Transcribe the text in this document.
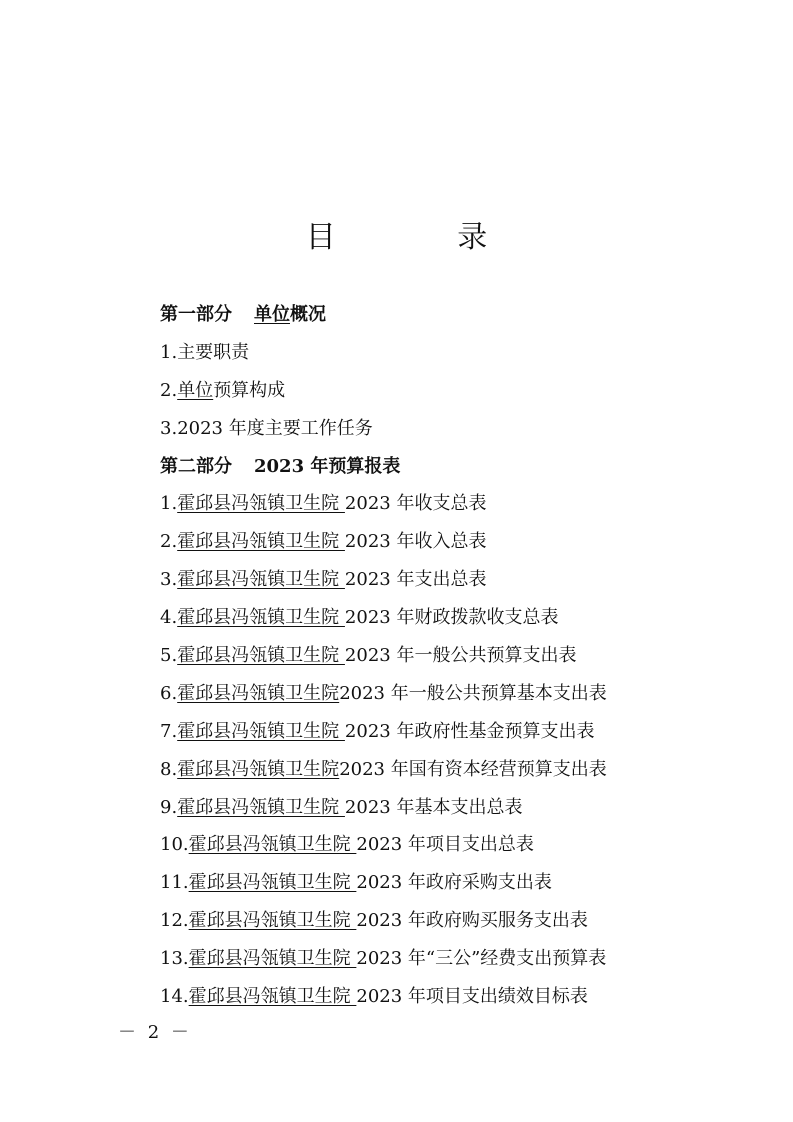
目 录
第一部分 单位概况
1.主要职责
2.单位预算构成
3.2023 年度主要工作任务
第二部分 2023 年预算报表
1.霍邱县冯瓴镇卫生院 2023 年收支总表
2.霍邱县冯瓴镇卫生院 2023 年收入总表
3.霍邱县冯瓴镇卫生院 2023 年支出总表
4.霍邱县冯瓴镇卫生院 2023 年财政拨款收支总表
5.霍邱县冯瓴镇卫生院 2023 年一般公共预算支出表
6.霍邱县冯瓴镇卫生院2023 年一般公共预算基本支出表
7.霍邱县冯瓴镇卫生院 2023 年政府性基金预算支出表
8.霍邱县冯瓴镇卫生院2023 年国有资本经营预算支出表
9.霍邱县冯瓴镇卫生院 2023 年基本支出总表
10.霍邱县冯瓴镇卫生院 2023 年项目支出总表
11.霍邱县冯瓴镇卫生院 2023 年政府采购支出表
12.霍邱县冯瓴镇卫生院 2023 年政府购买服务支出表
13.霍邱县冯瓴镇卫生院 2023 年“三公”经费支出预算表
14.霍邱县冯瓴镇卫生院 2023 年项目支出绩效目标表
－ 2 －
